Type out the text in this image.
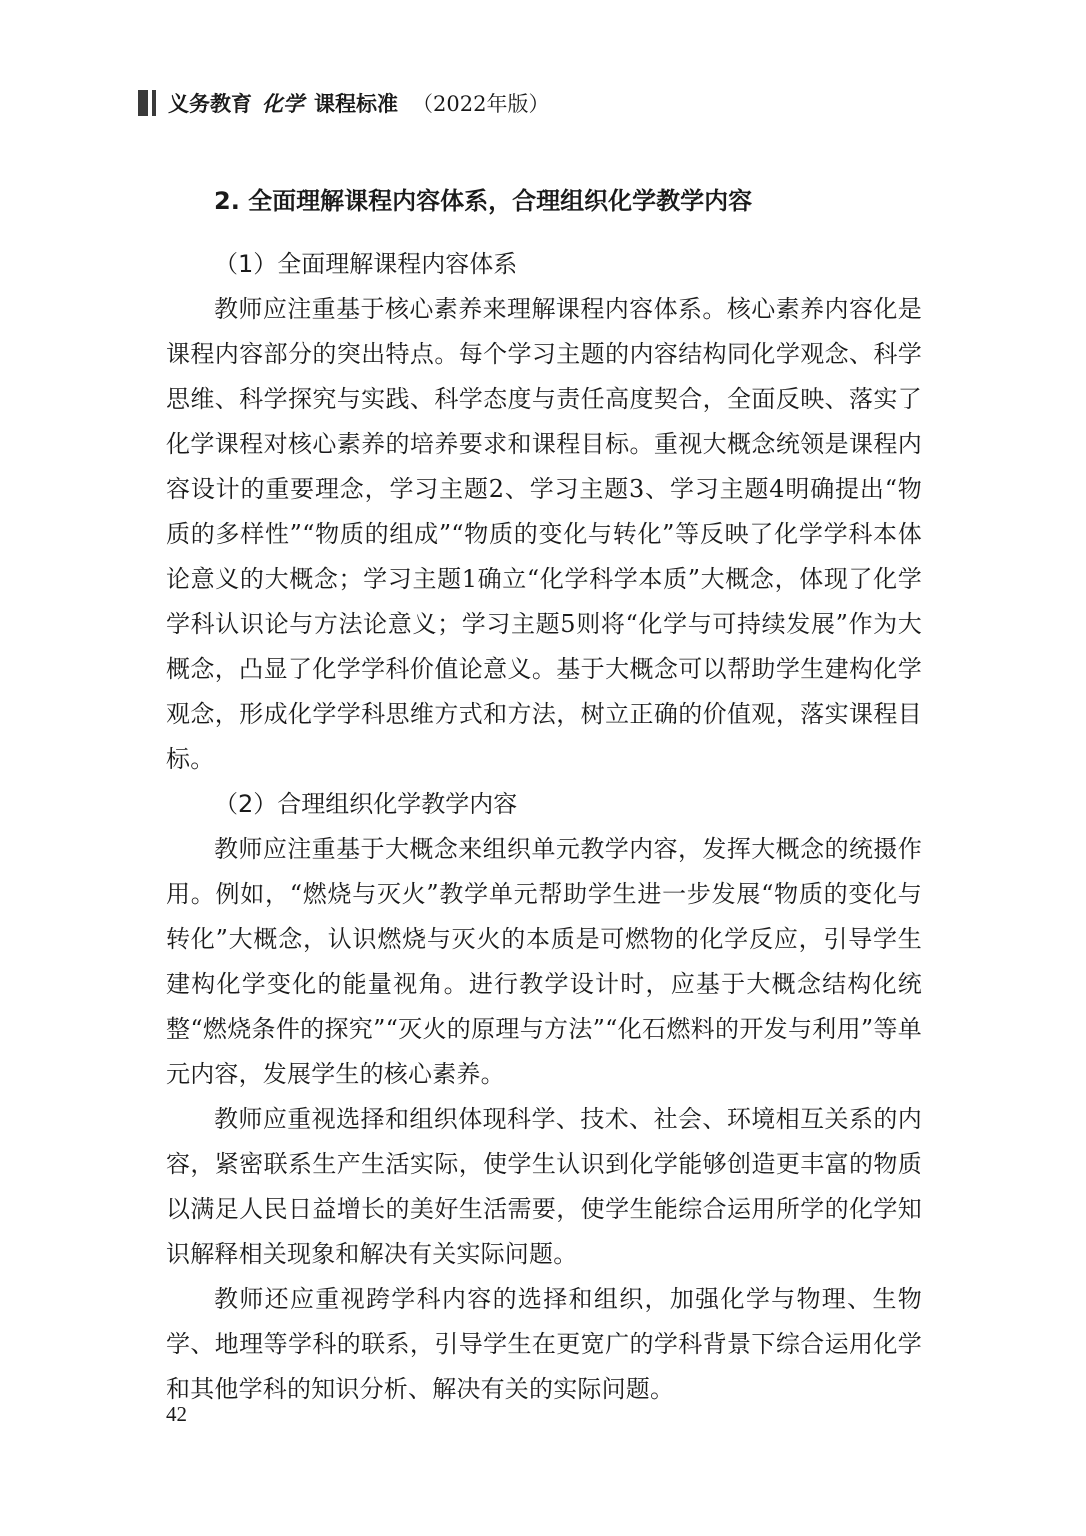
义务教育 化学 课程标准 （2022年版）
2. 全面理解课程内容体系，合理组织化学教学内容
（1）全面理解课程内容体系

教师应注重基于核心素养来理解课程内容体系。核心素养内容化是课程内容部分的突出特点。每个学习主题的内容结构同化学观念、科学思维、科学探究与实践、科学态度与责任高度契合，全面反映、落实了化学课程对核心素养的培养要求和课程目标。重视大概念统领是课程内容设计的重要理念，学习主题2、学习主题3、学习主题4明确提出“物质的多样性”“物质的组成”“物质的变化与转化”等反映了化学学科本体论意义的大概念；学习主题1确立“化学科学本质”大概念，体现了化学学科认识论与方法论意义；学习主题5则将“化学与可持续发展”作为大概念，凸显了化学学科价值论意义。基于大概念可以帮助学生建构化学观念，形成化学学科思维方式和方法，树立正确的价值观，落实课程目标。

（2）合理组织化学教学内容

教师应注重基于大概念来组织单元教学内容，发挥大概念的统摄作用。例如，“燃烧与灭火”教学单元帮助学生进一步发展“物质的变化与转化”大概念，认识燃烧与灭火的本质是可燃物的化学反应，引导学生建构化学变化的能量视角。进行教学设计时，应基于大概念结构化统整“燃烧条件的探究”“灭火的原理与方法”“化石燃料的开发与利用”等单元内容，发展学生的核心素养。

教师应重视选择和组织体现科学、技术、社会、环境相互关系的内容，紧密联系生产生活实际，使学生认识到化学能够创造更丰富的物质以满足人民日益增长的美好生活需要，使学生能综合运用所学的化学知识解释相关现象和解决有关实际问题。

教师还应重视跨学科内容的选择和组织，加强化学与物理、生物学、地理等学科的联系，引导学生在更宽广的学科背景下综合运用化学和其他学科的知识分析、解决有关的实际问题。

42
